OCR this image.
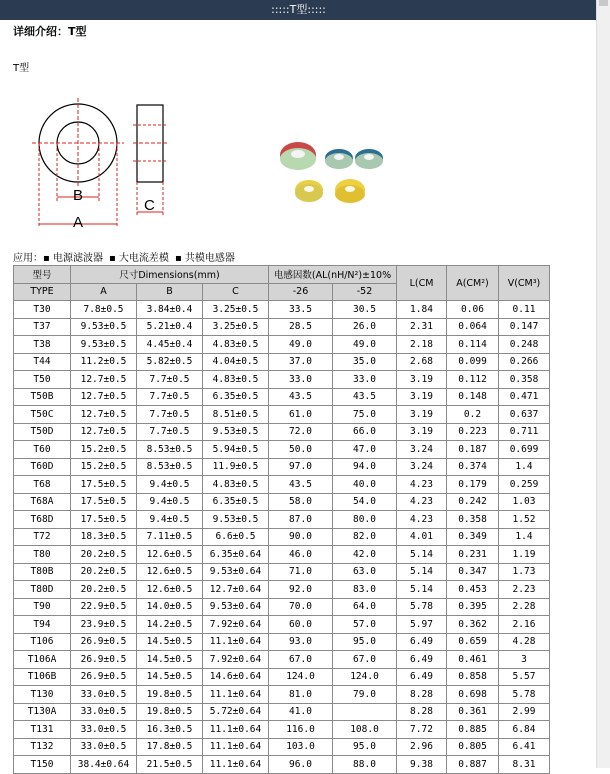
:::::T型:::::
详细介绍：T型
T型
B
A
C
应用：▪ 电源滤波器 ▪ 大电流差模 ▪ 共模电感器
型号	尺寸Dimensions(mm)			电感因数(AL(nH/N²)±10%		L(CM	A(CM²)	V(CM³)
TYPE	A	B	C	-26	-52			
T30	7.8±0.5	3.84±0.4	3.25±0.5	33.5	30.5	1.84	0.06	0.11
T37	9.53±0.5	5.21±0.4	3.25±0.5	28.5	26.0	2.31	0.064	0.147
T38	9.53±0.5	4.45±0.4	4.83±0.5	49.0	49.0	2.18	0.114	0.248
T44	11.2±0.5	5.82±0.5	4.04±0.5	37.0	35.0	2.68	0.099	0.266
T50	12.7±0.5	7.7±0.5	4.83±0.5	33.0	33.0	3.19	0.112	0.358
T50B	12.7±0.5	7.7±0.5	6.35±0.5	43.5	43.5	3.19	0.148	0.471
T50C	12.7±0.5	7.7±0.5	8.51±0.5	61.0	75.0	3.19	0.2	0.637
T50D	12.7±0.5	7.7±0.5	9.53±0.5	72.0	66.0	3.19	0.223	0.711
T60	15.2±0.5	8.53±0.5	5.94±0.5	50.0	47.0	3.24	0.187	0.699
T60D	15.2±0.5	8.53±0.5	11.9±0.5	97.0	94.0	3.24	0.374	1.4
T68	17.5±0.5	9.4±0.5	4.83±0.5	43.5	40.0	4.23	0.179	0.259
T68A	17.5±0.5	9.4±0.5	6.35±0.5	58.0	54.0	4.23	0.242	1.03
T68D	17.5±0.5	9.4±0.5	9.53±0.5	87.0	80.0	4.23	0.358	1.52
T72	18.3±0.5	7.11±0.5	6.6±0.5	90.0	82.0	4.01	0.349	1.4
T80	20.2±0.5	12.6±0.5	6.35±0.64	46.0	42.0	5.14	0.231	1.19
T80B	20.2±0.5	12.6±0.5	9.53±0.64	71.0	63.0	5.14	0.347	1.73
T80D	20.2±0.5	12.6±0.5	12.7±0.64	92.0	83.0	5.14	0.453	2.23
T90	22.9±0.5	14.0±0.5	9.53±0.64	70.0	64.0	5.78	0.395	2.28
T94	23.9±0.5	14.2±0.5	7.92±0.64	60.0	57.0	5.97	0.362	2.16
T106	26.9±0.5	14.5±0.5	11.1±0.64	93.0	95.0	6.49	0.659	4.28
T106A	26.9±0.5	14.5±0.5	7.92±0.64	67.0	67.0	6.49	0.461	3
T106B	26.9±0.5	14.5±0.5	14.6±0.64	124.0	124.0	6.49	0.858	5.57
T130	33.0±0.5	19.8±0.5	11.1±0.64	81.0	79.0	8.28	0.698	5.78
T130A	33.0±0.5	19.8±0.5	5.72±0.64	41.0		8.28	0.361	2.99
T131	33.0±0.5	16.3±0.5	11.1±0.64	116.0	108.0	7.72	0.885	6.84
T132	33.0±0.5	17.8±0.5	11.1±0.64	103.0	95.0	2.96	0.805	6.41
T150	38.4±0.64	21.5±0.5	11.1±0.64	96.0	88.0	9.38	0.887	8.31
